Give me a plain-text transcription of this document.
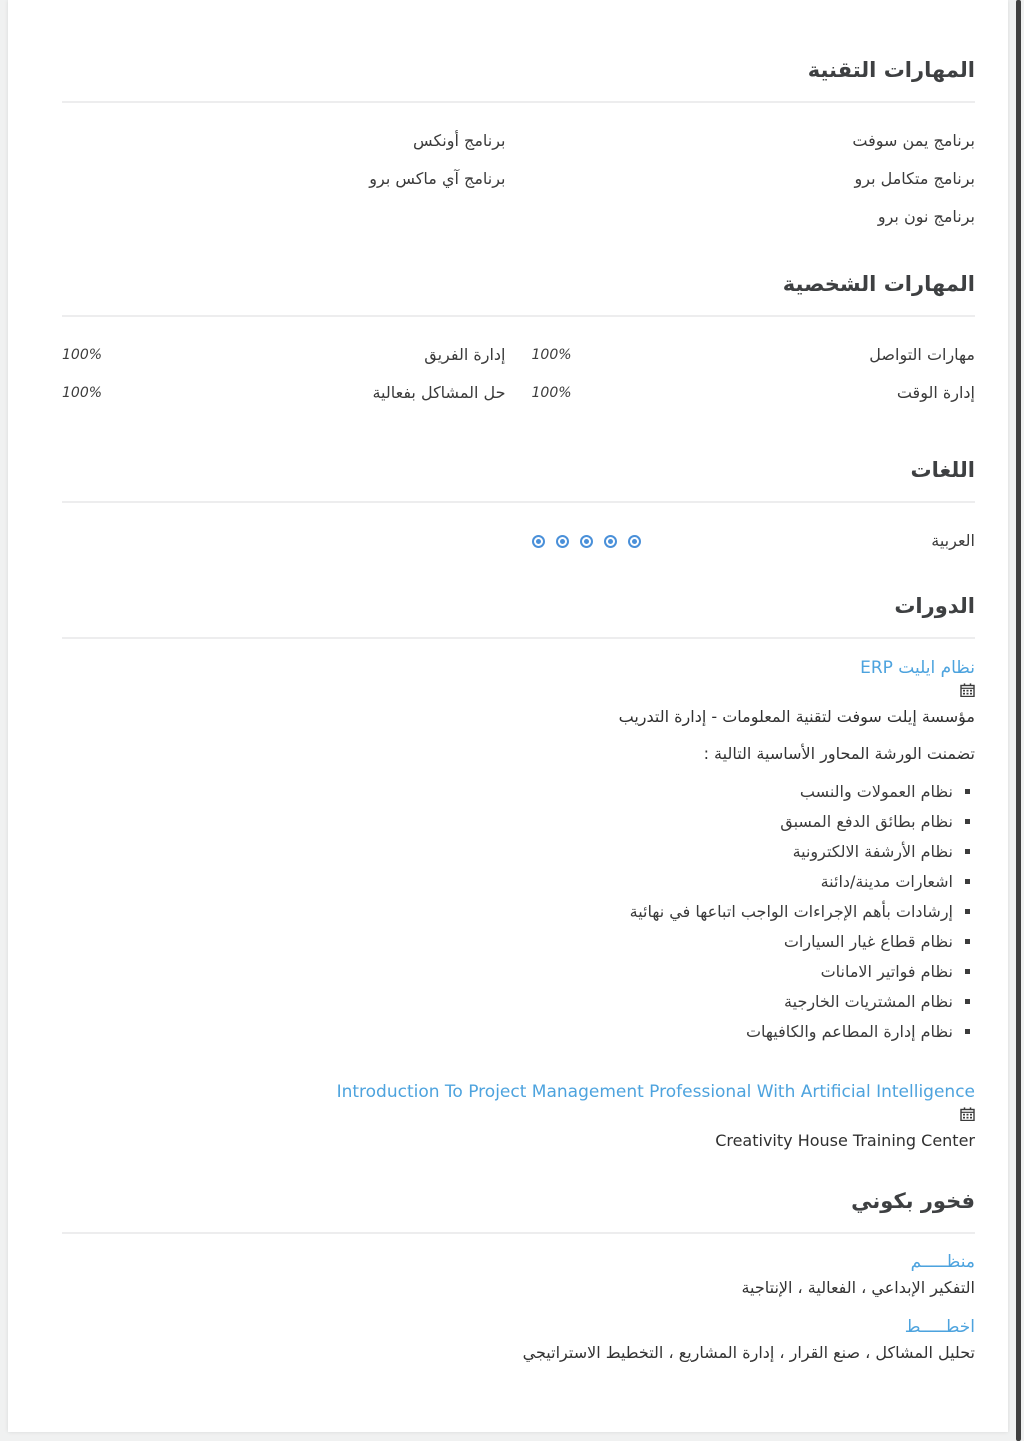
المهارات التقنية
برنامج يمن سوفت
برنامج أونكس
برنامج متكامل برو
برنامج آي ماكس برو
برنامج نون برو
المهارات الشخصية
مهارات التواصل
100%
إدارة الفريق
100%
إدارة الوقت
100%
حل المشاكل بفعالية
100%
اللغات
العربية
الدورات
نظام ايليت ERP
مؤسسة إيلت سوفت لتقنية المعلومات - إدارة التدريب
تضمنت الورشة المحاور الأساسية التالية :
▪ نظام العمولات والنسب
▪ نظام بطائق الدفع المسبق
▪ نظام الأرشفة الالكترونية
▪ اشعارات مدينة/دائنة
▪ إرشادات بأهم الإجراءات الواجب اتباعها في نهائية
▪ نظام قطاع غيار السيارات
▪ نظام فواتير الامانات
▪ نظام المشتريات الخارجية
▪ نظام إدارة المطاعم والكافيهات
Introduction To Project Management Professional With Artificial Intelligence
Creativity House Training Center
فخور بكوني
منظـــــم
التفكير الإبداعي ، الفعالية ، الإنتاجية
اخطـــــط
تحليل المشاكل ، صنع القرار ، إدارة المشاريع ، التخطيط الاستراتيجي
